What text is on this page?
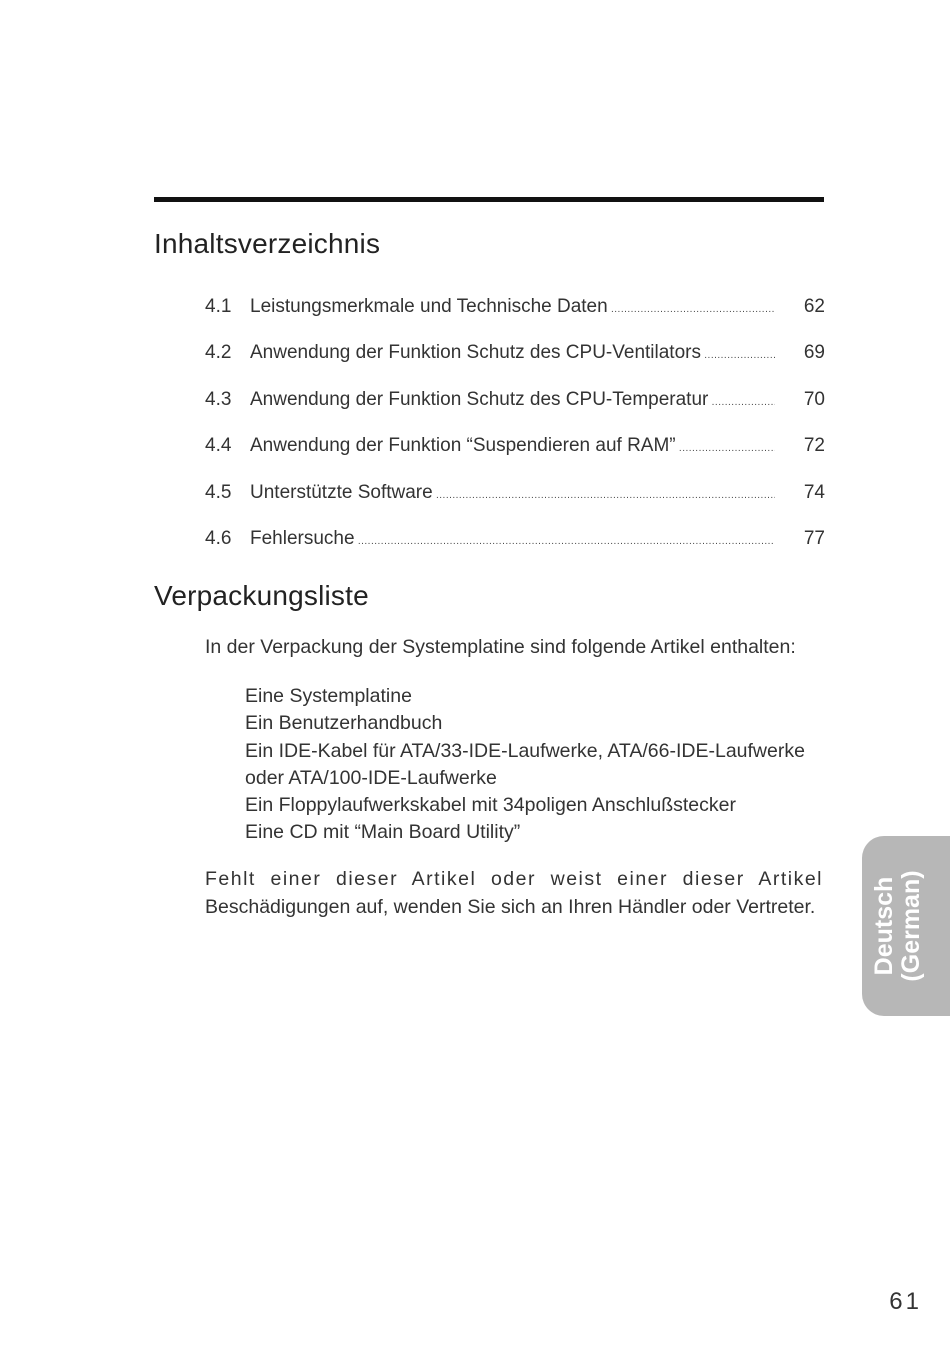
Inhaltsverzeichnis
4.1 Leistungsmerkmale und Technische Daten .....	62
4.2 Anwendung der Funktion Schutz des CPU-Ventilators .....	69
4.3 Anwendung der Funktion Schutz des CPU-Temperatur .....	70
4.4 Anwendung der Funktion “Suspendieren auf RAM” .....	72
4.5 Unterstützte Software .....	74
4.6 Fehlersuche .....	77
Verpackungsliste

In der Verpackung der Systemplatine sind folgende Artikel enthalten:

Eine Systemplatine
Ein Benutzerhandbuch
Ein IDE-Kabel für ATA/33-IDE-Laufwerke, ATA/66-IDE-Laufwerke
oder ATA/100-IDE-Laufwerke
Ein Floppylaufwerkskabel mit 34poligen Anschlußstecker
Eine CD mit “Main Board Utility”

Fehlt einer dieser Artikel oder weist einer dieser Artikel
Beschädigungen auf, wenden Sie sich an Ihren Händler oder Vertreter.	Deutsch (German)
61
